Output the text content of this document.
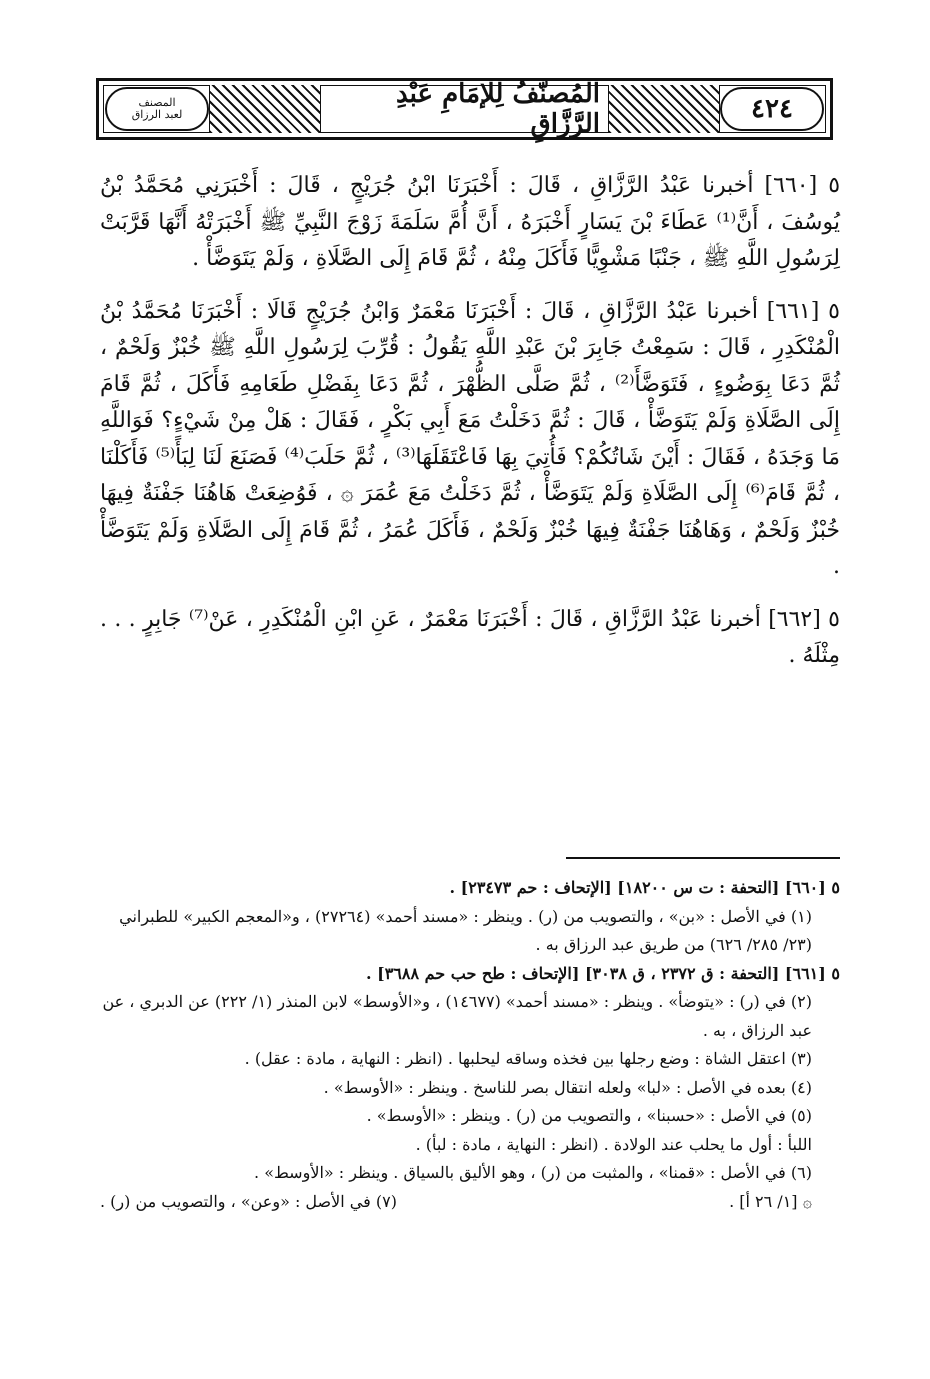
٤٢٤
المُصنّفُ لِلإمَامِ عَبْدِ الرَّزَّاقِ
المصنف
لعبد الرزاق

٥ [٦٦٠] أخبرنا عَبْدُ الرَّزَّاقِ ، قَالَ : أَخْبَرَنَا ابْنُ جُرَيْجٍ ، قَالَ : أَخْبَرَنِي مُحَمَّدُ بْنُ يُوسُفَ ، أَنَّ⁽¹⁾ عَطَاءَ بْنَ يَسَارٍ أَخْبَرَهُ ، أَنَّ أُمَّ سَلَمَةَ زَوْجَ النَّبِيِّ ﷺ أَخْبَرَتْهُ أَنَّهَا قَرَّبَتْ لِرَسُولِ اللَّهِ ﷺ ، جَنْبًا مَشْوِيًّا فَأَكَلَ مِنْهُ ، ثُمَّ قَامَ إِلَى الصَّلَاةِ ، وَلَمْ يَتَوَضَّأْ .

٥ [٦٦١] أخبرنا عَبْدُ الرَّزَّاقِ ، قَالَ : أَخْبَرَنَا مَعْمَرٌ وَابْنُ جُرَيْجٍ قَالَا : أَخْبَرَنَا مُحَمَّدُ بْنُ الْمُنْكَدِرِ ، قَالَ : سَمِعْتُ جَابِرَ بْنَ عَبْدِ اللَّهِ يَقُولُ : قُرِّبَ لِرَسُولِ اللَّهِ ﷺ خُبْزٌ وَلَحْمٌ ، ثُمَّ دَعَا بِوَضُوءٍ ، فَتَوَضَّأَ⁽²⁾ ، ثُمَّ صَلَّى الظُّهْرَ ، ثُمَّ دَعَا بِفَضْلِ طَعَامِهِ فَأَكَلَ ، ثُمَّ قَامَ إِلَى الصَّلَاةِ وَلَمْ يَتَوَضَّأْ ، قَالَ : ثُمَّ دَخَلْتُ مَعَ أَبِي بَكْرٍ ، فَقَالَ : هَلْ مِنْ شَيْءٍ؟ فَوَاللَّهِ مَا وَجَدَهُ ، فَقَالَ : أَيْنَ شَاتُكُمْ؟ فَأُتِيَ بِهَا فَاعْتَقَلَهَا⁽³⁾ ، ثُمَّ حَلَبَ⁽⁴⁾ فَصَنَعَ لَنَا لِبَأً⁽⁵⁾ فَأَكَلْنَا ، ثُمَّ قَامَ⁽⁶⁾ إِلَى الصَّلَاةِ وَلَمْ يَتَوَضَّأْ ، ثُمَّ دَخَلْتُ مَعَ عُمَرَ ۞ ، فَوُضِعَتْ هَاهُنَا جَفْنَةٌ فِيهَا خُبْزٌ وَلَحْمٌ ، وَهَاهُنَا جَفْنَةٌ فِيهَا خُبْزٌ وَلَحْمٌ ، فَأَكَلَ عُمَرُ ، ثُمَّ قَامَ إِلَى الصَّلَاةِ وَلَمْ يَتَوَضَّأْ .

٥ [٦٦٢] أخبرنا عَبْدُ الرَّزَّاقِ ، قَالَ : أَخْبَرَنَا مَعْمَرٌ ، عَنِ ابْنِ الْمُنْكَدِرِ ، عَنْ⁽⁷⁾ جَابِرٍ . . . مِثْلَهُ .

٥ [٦٦٠] [التحفة : ت س ١٨٢٠٠] [الإتحاف : حم ٢٣٤٧٣] .

(١) في الأصل : «بن» ، والتصويب من (ر) . وينظر : «مسند أحمد» (٢٧٢٦٤) ، و«المعجم الكبير» للطبراني (٢٣/ ٢٨٥/ ٦٢٦) من طريق عبد الرزاق به .

٥ [٦٦١] [التحفة : ق ٢٣٧٢ ، ق ٣٠٣٨] [الإتحاف : طح حب حم ٣٦٨٨] .

(٢) في (ر) : «يتوضأ» . وينظر : «مسند أحمد» (١٤٦٧٧) ، و«الأوسط» لابن المنذر (١/ ٢٢٢) عن الدبري ، عن عبد الرزاق ، به .

(٣) اعتقل الشاة : وضع رجلها بين فخذه وساقه ليحلبها . (انظر : النهاية ، مادة : عقل) .

(٤) بعده في الأصل : «لبا» ولعله انتقال بصر للناسخ . وينظر : «الأوسط» .

(٥) في الأصل : «حسبنا» ، والتصويب من (ر) . وينظر : «الأوسط» .

اللبأ : أول ما يحلب عند الولادة . (انظر : النهاية ، مادة : لبأ) .

(٦) في الأصل : «قمنا» ، والمثبت من (ر) ، وهو الأليق بالسياق . وينظر : «الأوسط» .

۞ [١/ ٢٦ أ] .
(٧) في الأصل : «وعن» ، والتصويب من (ر) .
